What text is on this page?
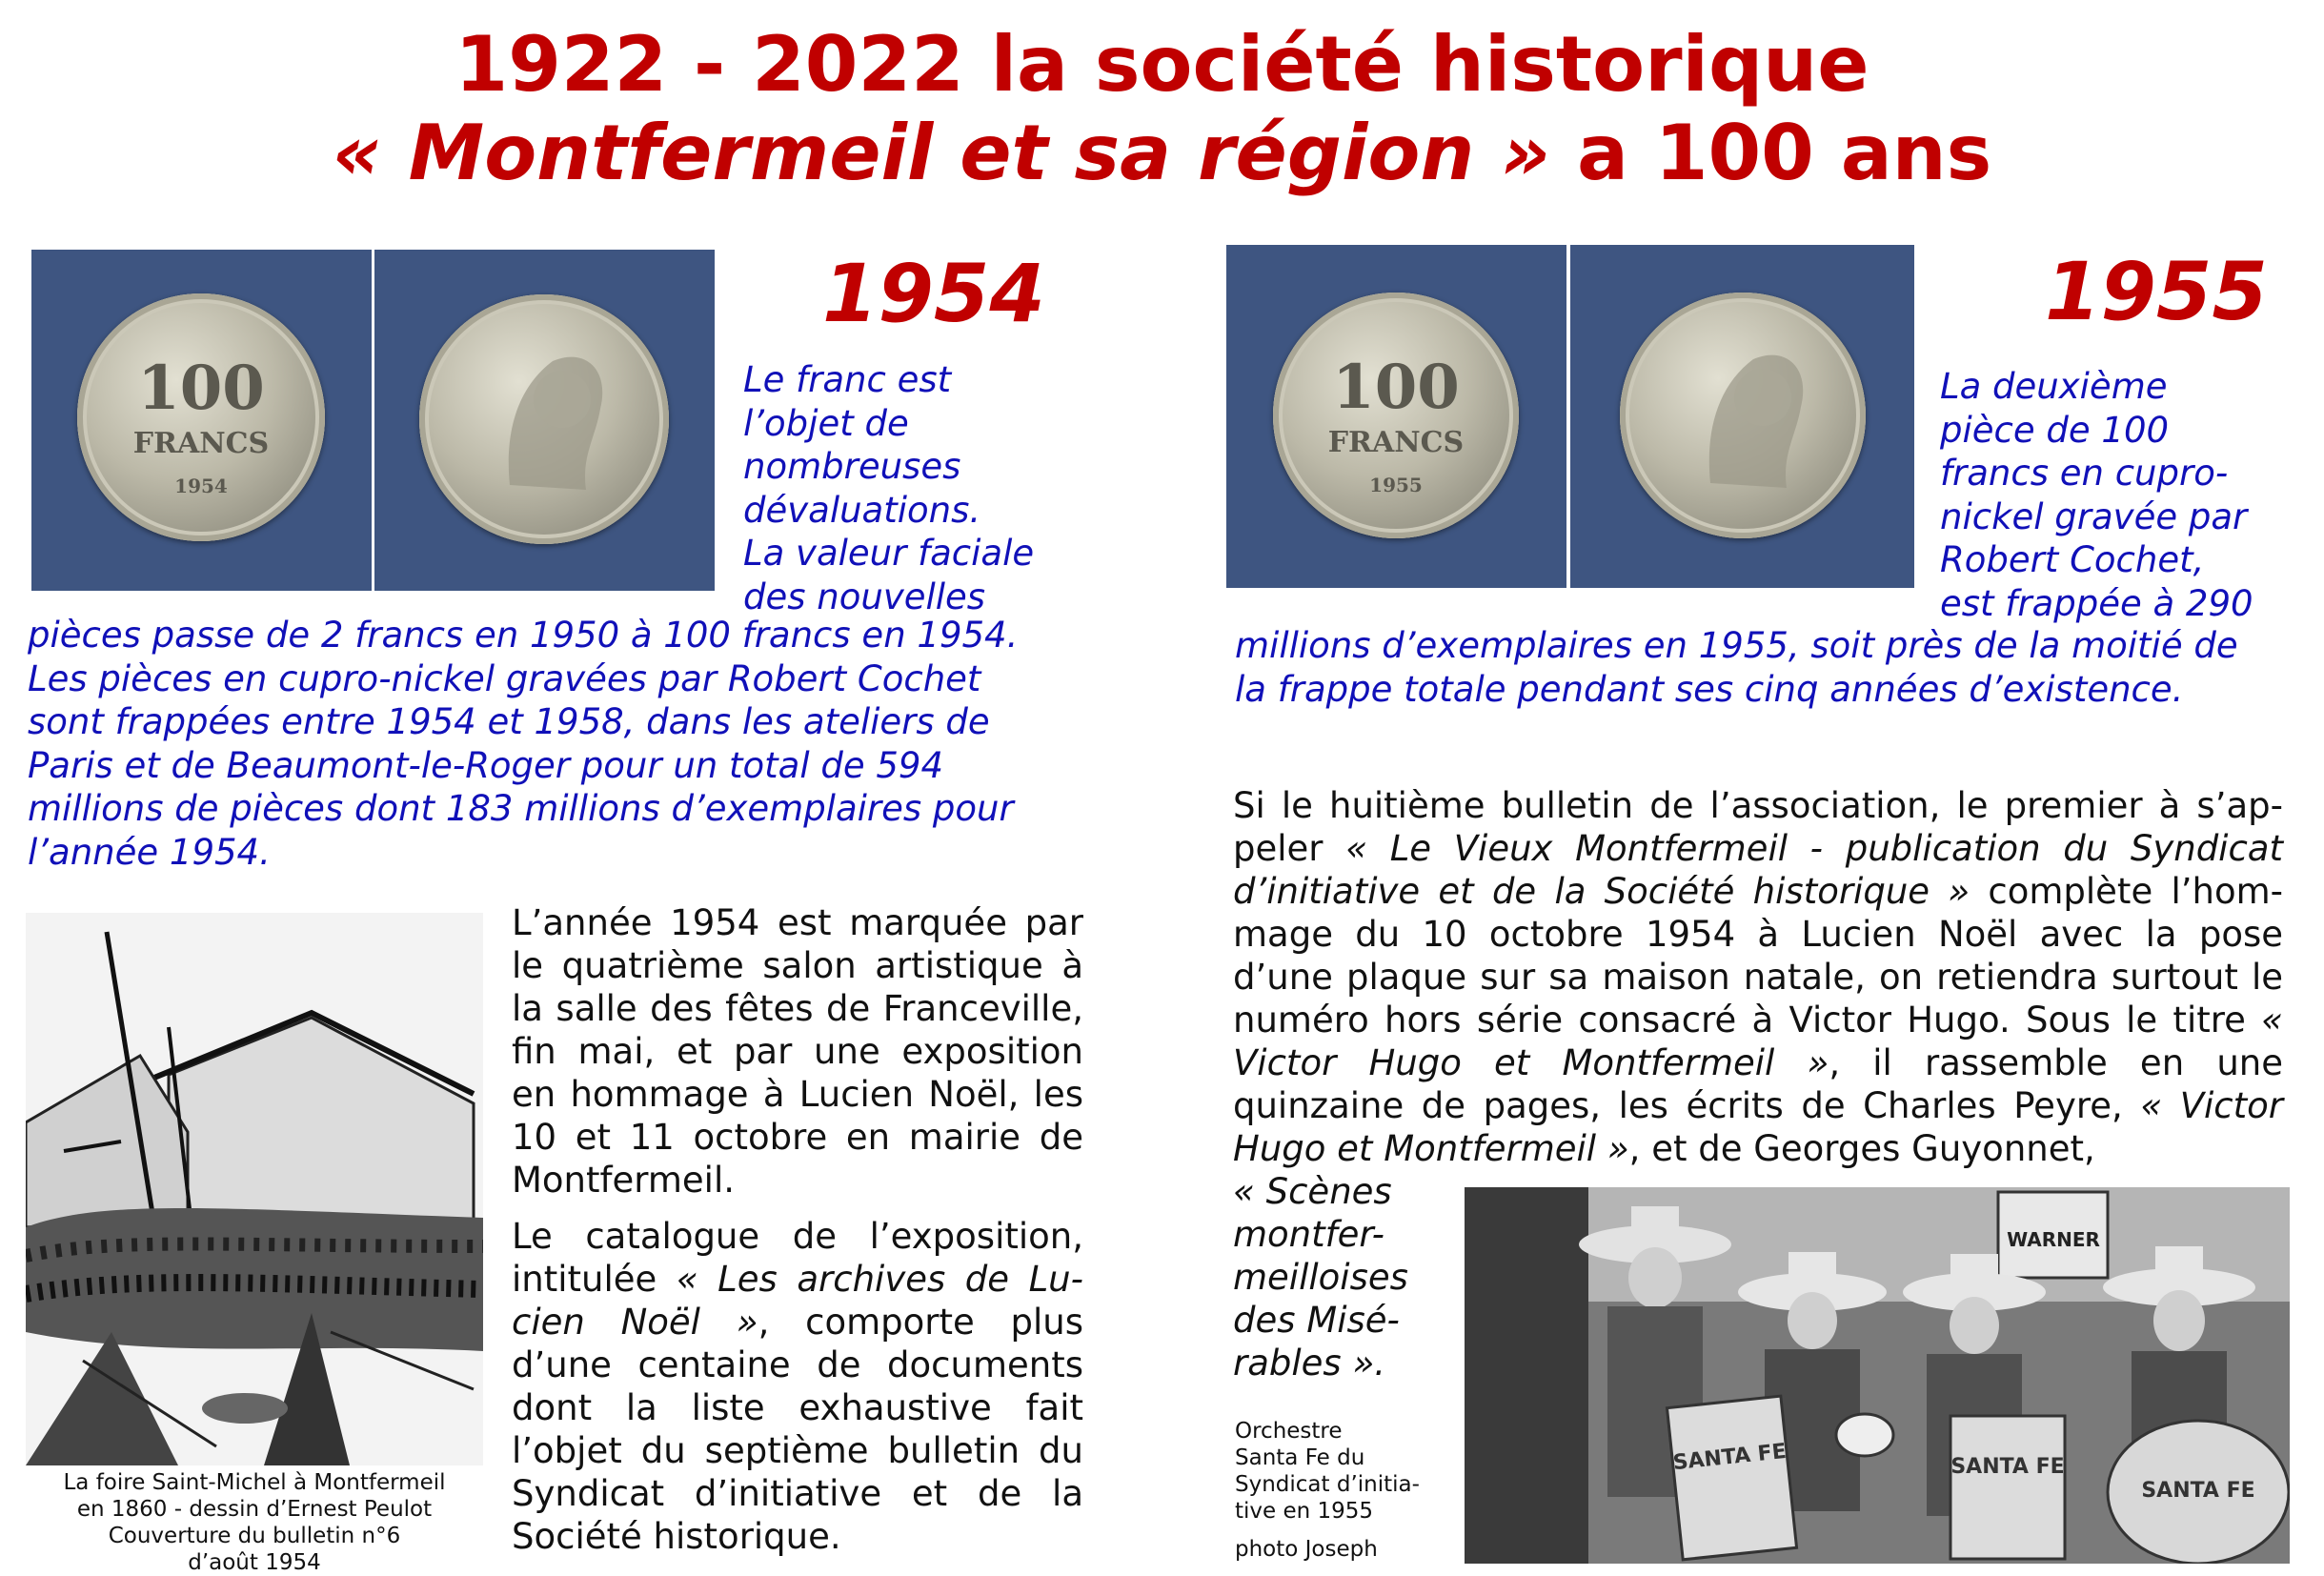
1922 - 2022 la société historique
« Montfermeil et sa région » a 100 ans
1954
100
FRANCS
1954
Le franc est
l’objet de
nombreuses
dévaluations.
La valeur faciale
des nouvelles
pièces passe de 2 francs en 1950 à 100 francs en 1954.
Les pièces en cupro-nickel gravées par Robert Cochet
sont frappées entre 1954 et 1958, dans les ateliers de
Paris et de Beaumont-le-Roger pour un total de 594
millions de pièces dont 183 millions d’exemplaires pour
l’année 1954.
La foire Saint-Michel à Montfermeil
en 1860 - dessin d’Ernest Peulot
Couverture du bulletin n°6
d’août 1954

L’année 1954 est marquée par le quatrième salon artistique à la salle des fêtes de Franceville, fin mai, et par une exposition en hommage à Lucien Noël, les 10 et 11 octobre en mairie de Montfermeil.

Le catalogue de l’exposition, intitulée « Les archives de Lucien Noël », comporte plus d’une centaine de documents dont la liste exhaustive fait l’objet du septième bulletin du Syndicat d’initiative et de la Société historique.

1955
100
FRANCS
1955
La deuxième
pièce de 100
francs en cupro-
nickel gravée par
Robert Cochet,
est frappée à 290
millions d’exemplaires en 1955, soit près de la moitié de
la frappe totale pendant ses cinq années d’existence.

Si le huitième bulletin de l’association, le premier à s’appeler « Le Vieux Montfermeil - publication du Syndicat d’initiative et de la Société historique » complète l’hommage du 10 octobre 1954 à Lucien Noël avec la pose d’une plaque sur sa maison natale, on retiendra surtout le numéro hors série consacré à Victor Hugo. Sous le titre « Victor Hugo et Montfermeil », il rassemble en une quinzaine de pages, les écrits de Charles Peyre, « Victor Hugo et Montfermeil », et de Georges Guyonnet,

« Scènes
montfer-
meilloises
des Misé-
rables ».
Orchestre
Santa Fe du
Syndicat d’initia-
tive en 1955
photo Joseph
WARNER
SANTA FE	SANTA FE
SANTA FE
